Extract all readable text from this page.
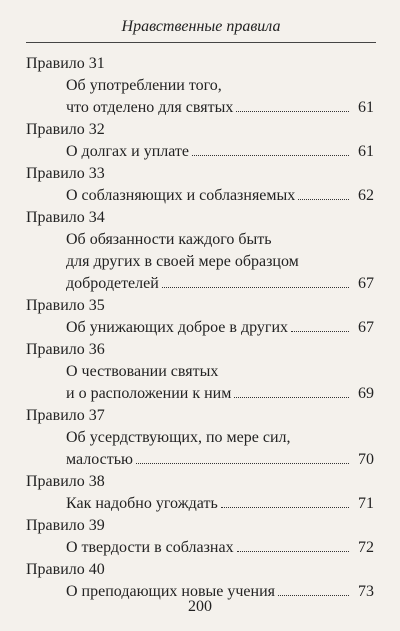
Нравственные правила
Правило 31
Об употреблении того,
что отделено для святых	61
Правило 32
О долгах и уплате	61
Правило 33
О соблазняющих и соблазняемых	62
Правило 34
Об обязанности каждого быть
для других в своей мере образцом
добродетелей	67
Правило 35
Об унижающих доброе в других	67
Правило 36
О чествовании святых
и о расположении к ним	69
Правило 37
Об усердствующих, по мере сил,
малостью	70
Правило 38
Как надобно угождать	71
Правило 39
О твердости в соблазнах	72
Правило 40
О преподающих новые учения	73
200
